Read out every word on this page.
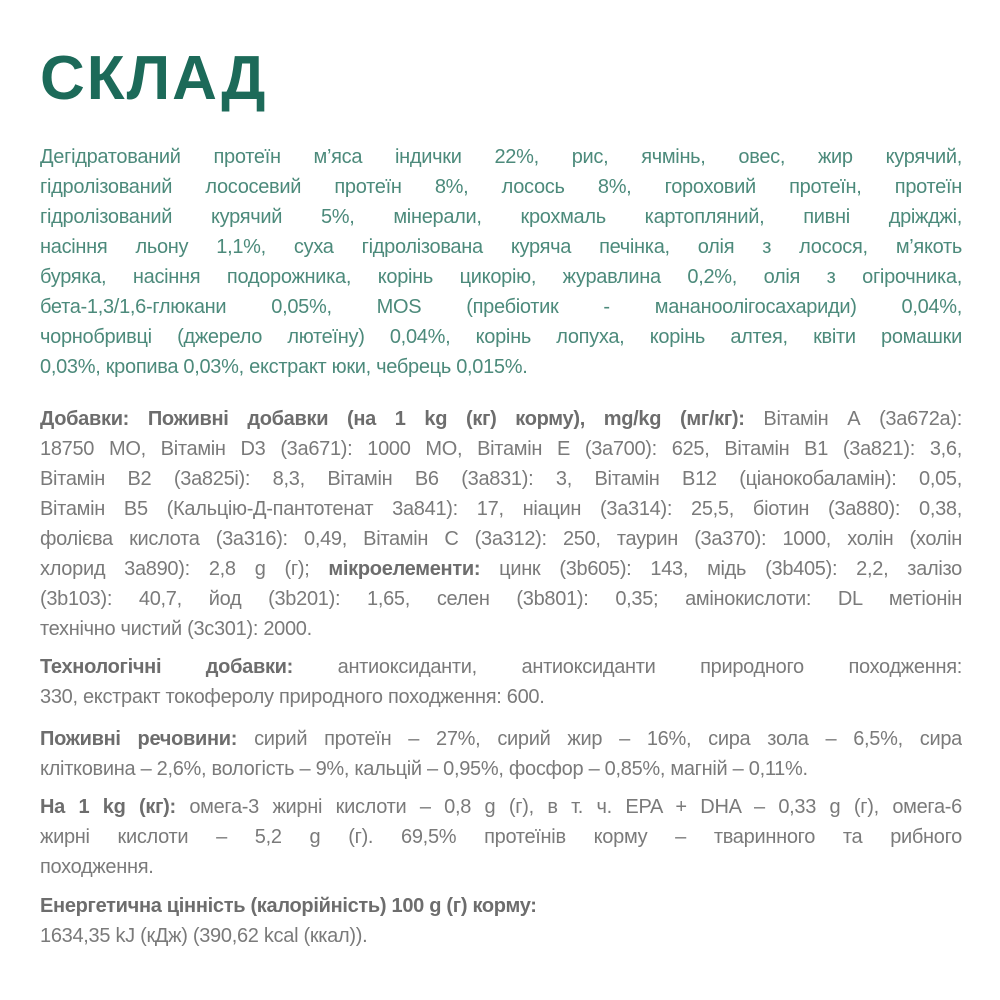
СКЛАД
Дегідратований протеїн м’яса індички 22%, рис, ячмінь, овес, жир курячий,
гідролізований лососевий протеїн 8%, лосось 8%, гороховий протеїн, протеїн
гідролізований курячий 5%, мінерали, крохмаль картопляний, пивні дріжджі,
насіння льону 1,1%, суха гідролізована куряча печінка, олія з лосося, м’якоть
буряка, насіння подорожника, корінь цикорію, журавлина 0,2%, олія з огірочника,
бета-1,3/1,6-глюкани 0,05%, MOS (пребіотик - мананоолігосахариди) 0,04%,
чорнобривці (джерело лютеїну) 0,04%, корінь лопуха, корінь алтея, квіти ромашки
0,03%, кропива 0,03%, екстракт юки, чебрець 0,015%.
Добавки: Поживні добавки (на 1 kg (кг) корму), mg/kg (мг/кг): Вітамін А (3а672а):
18750 МО, Вітамін D3 (3а671): 1000 МО, Вітамін Е (3а700): 625, Вітамін В1 (3а821): 3,6,
Вітамін В2 (3а825і): 8,3, Вітамін В6 (3а831): 3, Вітамін В12 (ціанокобаламін): 0,05,
Вітамін В5 (Кальцію-Д-пантотенат 3а841): 17, ніацин (3а314): 25,5, біотин (3а880): 0,38,
фолієва кислота (3а316): 0,49, Вітамін С (3а312): 250, таурин (3а370): 1000, холін (холін
хлорид 3а890): 2,8 g (г); мікроелементи: цинк (3b605): 143, мідь (3b405): 2,2, залізо
(3b103): 40,7, йод (3b201): 1,65, селен (3b801): 0,35; амінокислоти: DL метіонін
технічно чистий (3с301): 2000.
Технологічні добавки: антиоксиданти, антиоксиданти природного походження:
330, екстракт токоферолу природного походження: 600.
Поживні речовини: сирий протеїн – 27%, сирий жир – 16%, сира зола – 6,5%, сира
клітковина – 2,6%, вологість – 9%, кальцій – 0,95%, фосфор – 0,85%, магній – 0,11%.
На 1 kg (кг): омега-3 жирні кислоти – 0,8 g (г), в т. ч. EPA + DHA – 0,33 g (г), омега-6
жирні кислоти – 5,2 g (г). 69,5% протеїнів корму – тваринного та рибного
походження.
Енергетична цінність (калорійність) 100 g (г) корму:
1634,35 kJ (кДж) (390,62 kcal (ккал)).
